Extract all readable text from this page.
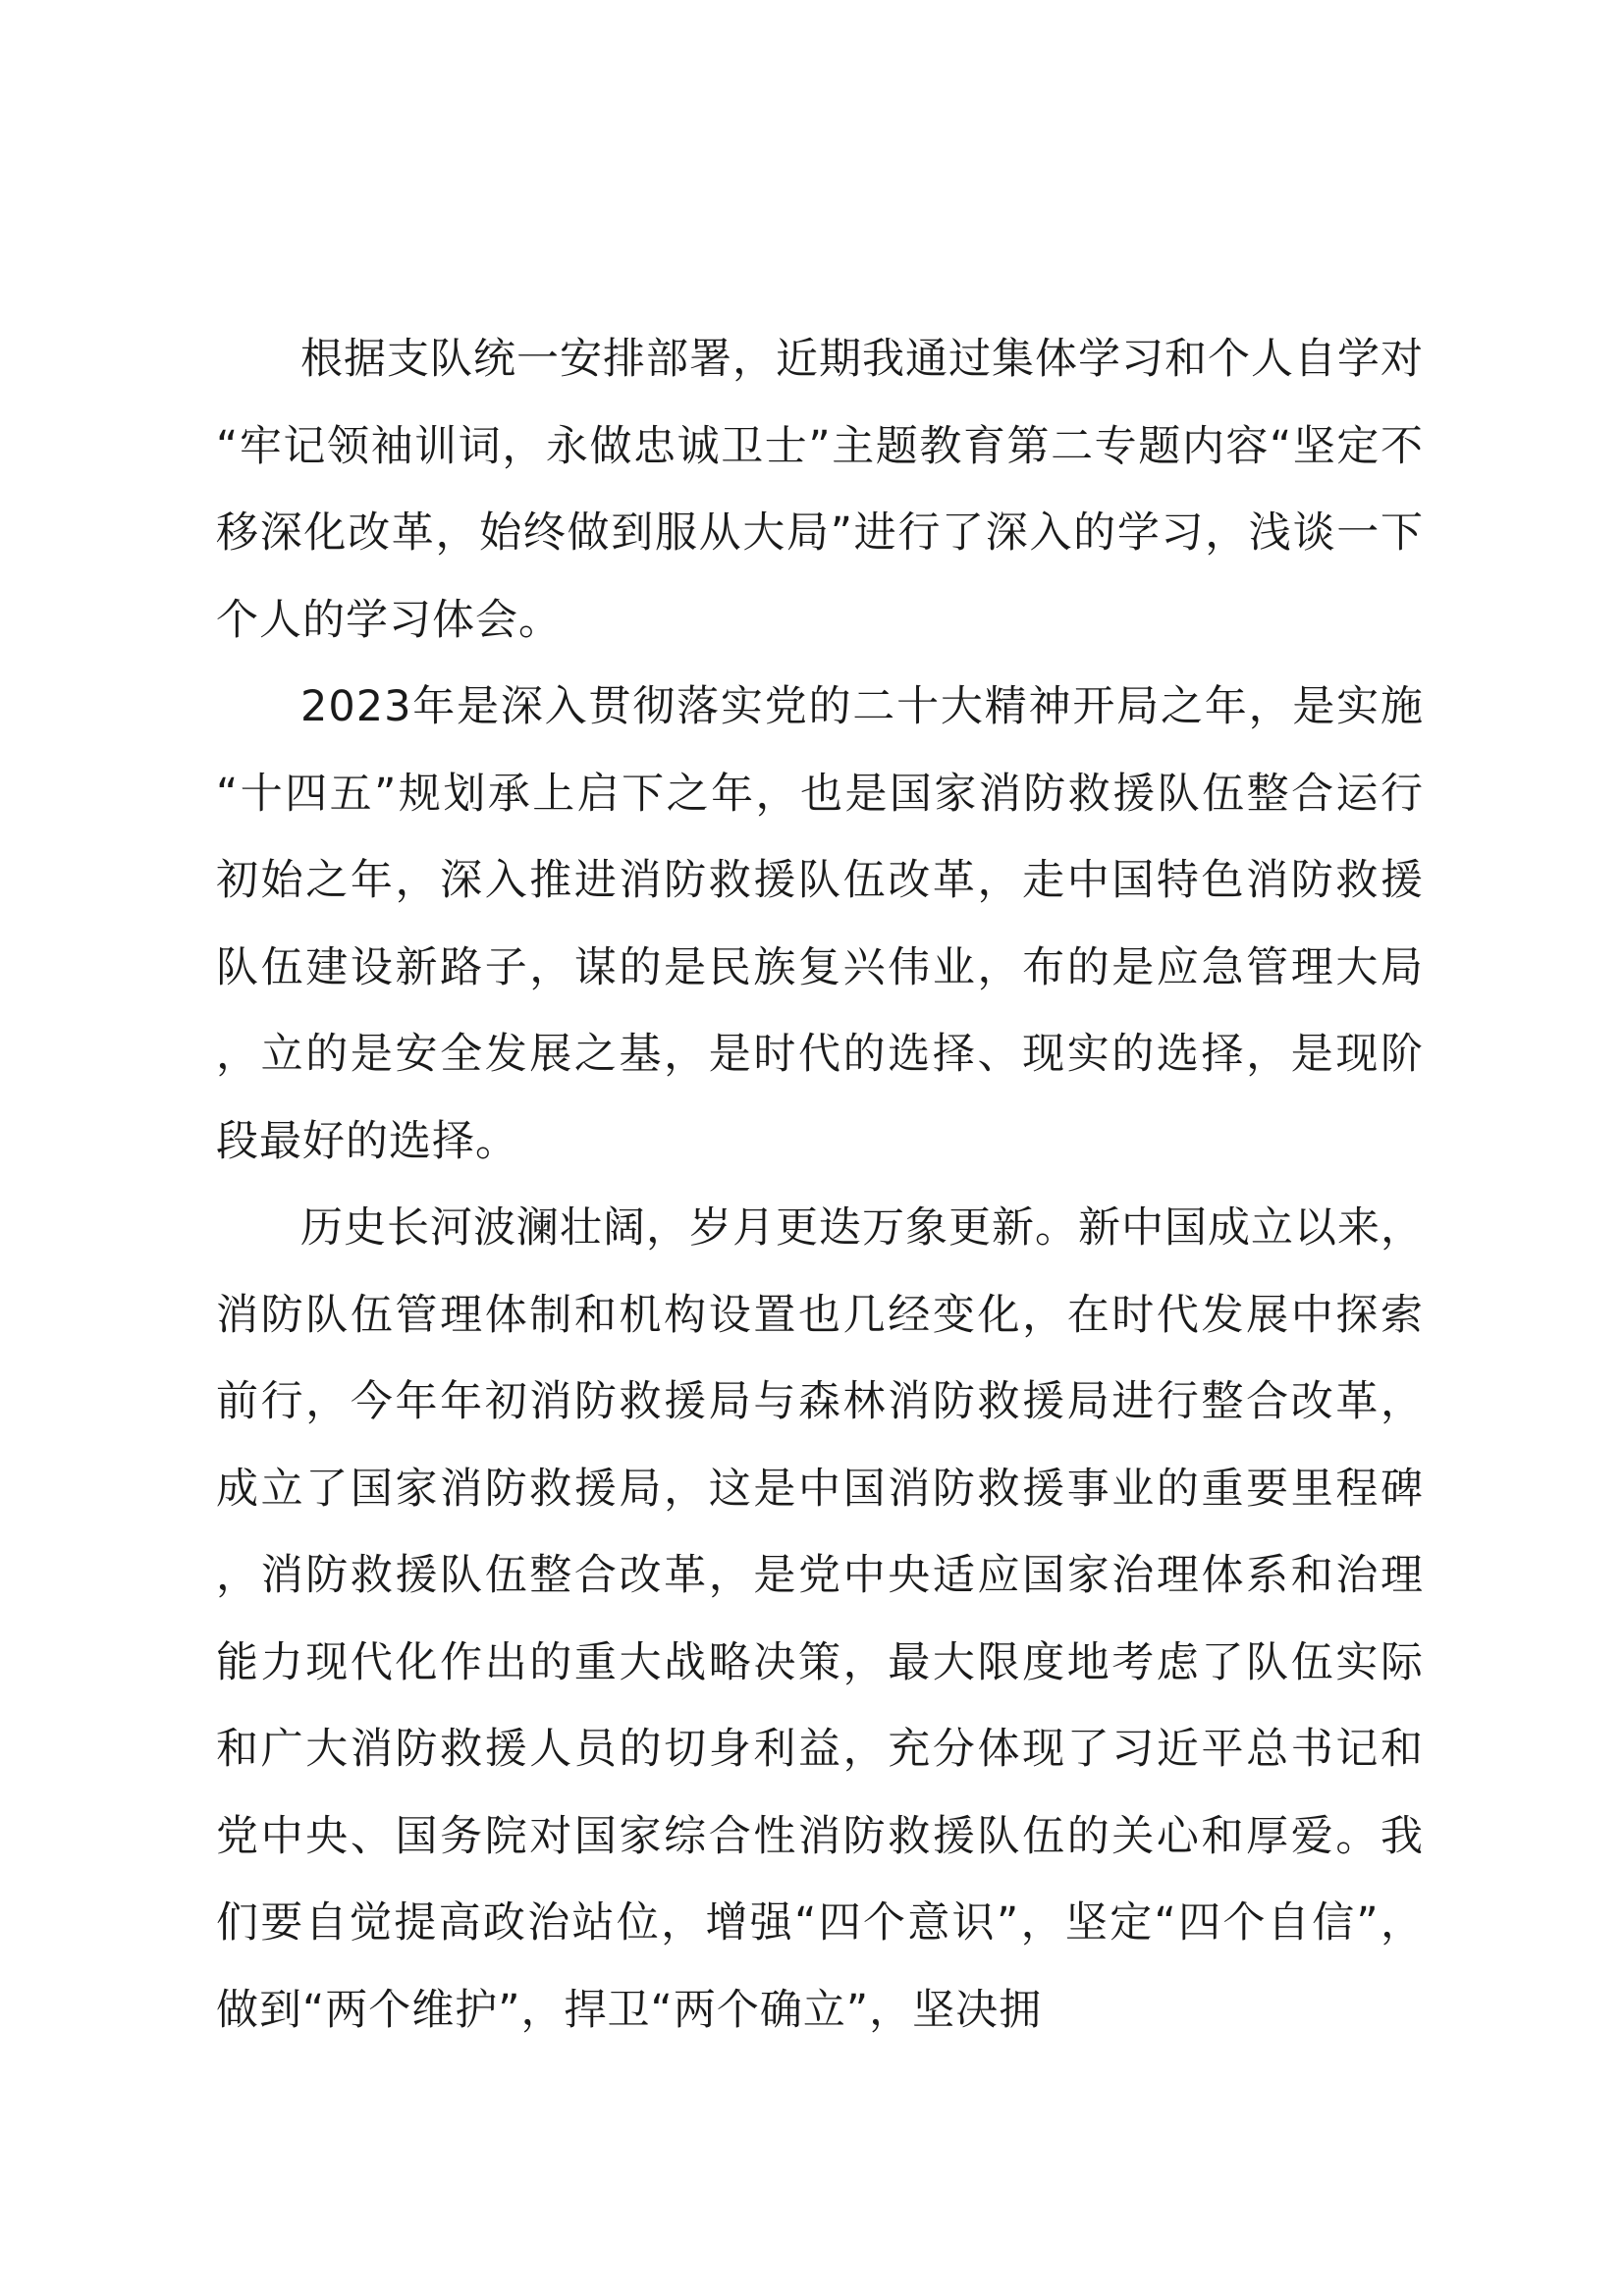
根据支队统一安排部署，近期我通过集体学习和个人自学对“牢记领袖训词，永做忠诚卫士”主题教育第二专题内容“坚定不移深化改革，始终做到服从大局”进行了深入的学习，浅谈一下个人的学习体会。

2023年是深入贯彻落实党的二十大精神开局之年，是实施“十四五”规划承上启下之年，也是国家消防救援队伍整合运行初始之年，深入推进消防救援队伍改革，走中国特色消防救援队伍建设新路子，谋的是民族复兴伟业，布的是应急管理大局，立的是安全发展之基，是时代的选择、现实的选择，是现阶段最好的选择。

历史长河波澜壮阔，岁月更迭万象更新。新中国成立以来，消防队伍管理体制和机构设置也几经变化，在时代发展中探索前行，今年年初消防救援局与森林消防救援局进行整合改革，成立了国家消防救援局，这是中国消防救援事业的重要里程碑，消防救援队伍整合改革，是党中央适应国家治理体系和治理能力现代化作出的重大战略决策，最大限度地考虑了队伍实际和广大消防救援人员的切身利益，充分体现了习近平总书记和党中央、国务院对国家综合性消防救援队伍的关心和厚爱。我们要自觉提高政治站位，增强“四个意识”，坚定“四个自信”，做到“两个维护”，捍卫“两个确立”，坚决拥
